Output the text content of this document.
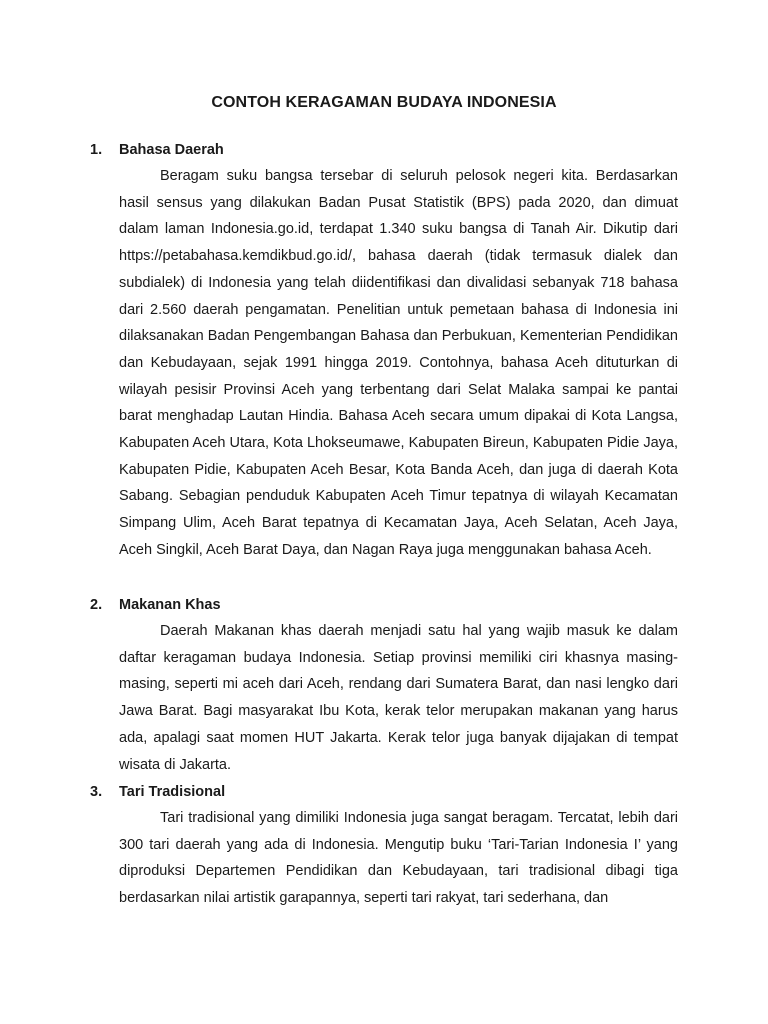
CONTOH KERAGAMAN BUDAYA INDONESIA
1.	Bahasa Daerah

Beragam suku bangsa tersebar di seluruh pelosok negeri kita. Berdasarkan hasil sensus yang dilakukan Badan Pusat Statistik (BPS) pada 2020, dan dimuat dalam laman Indonesia.go.id, terdapat 1.340 suku bangsa di Tanah Air. Dikutip dari https://petabahasa.kemdikbud.go.id/, bahasa daerah (tidak termasuk dialek dan subdialek) di Indonesia yang telah diidentifikasi dan divalidasi sebanyak 718 bahasa dari 2.560 daerah pengamatan. Penelitian untuk pemetaan bahasa di Indonesia ini dilaksanakan Badan Pengembangan Bahasa dan Perbukuan, Kementerian Pendidikan dan Kebudayaan, sejak 1991 hingga 2019. Contohnya, bahasa Aceh dituturkan di wilayah pesisir Provinsi Aceh yang terbentang dari Selat Malaka sampai ke pantai barat menghadap Lautan Hindia. Bahasa Aceh secara umum dipakai di Kota Langsa, Kabupaten Aceh Utara, Kota Lhokseumawe, Kabupaten Bireun, Kabupaten Pidie Jaya, Kabupaten Pidie, Kabupaten Aceh Besar, Kota Banda Aceh, dan juga di daerah Kota Sabang. Sebagian penduduk Kabupaten Aceh Timur tepatnya di wilayah Kecamatan Simpang Ulim, Aceh Barat tepatnya di Kecamatan Jaya, Aceh Selatan, Aceh Jaya, Aceh Singkil, Aceh Barat Daya, dan Nagan Raya juga menggunakan bahasa Aceh.

2.	Makanan Khas

Daerah Makanan khas daerah menjadi satu hal yang wajib masuk ke dalam daftar keragaman budaya Indonesia. Setiap provinsi memiliki ciri khasnya masing-masing, seperti mi aceh dari Aceh, rendang dari Sumatera Barat, dan nasi lengko dari Jawa Barat. Bagi masyarakat Ibu Kota, kerak telor merupakan makanan yang harus ada, apalagi saat momen HUT Jakarta. Kerak telor juga banyak dijajakan di tempat wisata di Jakarta.

3.	Tari Tradisional

Tari tradisional yang dimiliki Indonesia juga sangat beragam. Tercatat, lebih dari 300 tari daerah yang ada di Indonesia. Mengutip buku ‘Tari-Tarian Indonesia I’ yang diproduksi Departemen Pendidikan dan Kebudayaan, tari tradisional dibagi tiga berdasarkan nilai artistik garapannya, seperti tari rakyat, tari sederhana, dan
